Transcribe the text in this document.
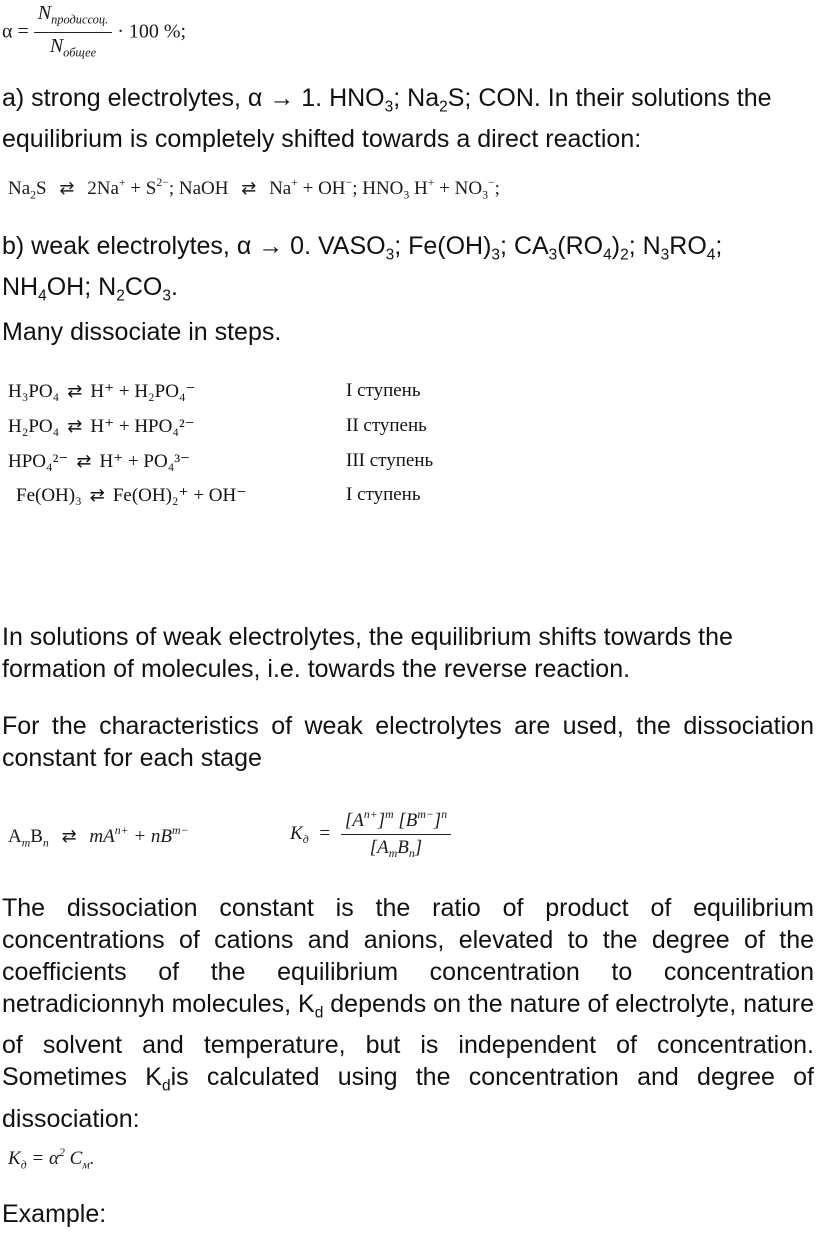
$\alpha = \frac{N_{продиссоц.}}{N_{общее}} \cdot 100$ %;

a) strong electrolytes, α → 1. $HNO_3$; $Na_2S$; CON. In their solutions the equilibrium is completely shifted towards a direct reaction:

$Na_2S$ ⇄ $2Na^+ + S^{2-}$; NaOH ⇄ Na+ + OH−; $HNO_3$ $H^+ + NO_3^-$;

b) weak electrolytes, α → 0. $VASO_3$; $Fe(OH)_3$; $CA_3(RO_4)_2$; $N_3RO_4$;
$NH_4OH$; $N_2CO_3$.

Many dissociate in steps.

H₃PO₄ ⇄ H⁺ + H₂PO₄⁻	I ступень
H₂PO₄ ⇄ H⁺ + HPO₄²⁻	II ступень
HPO₄²⁻ ⇄ H⁺ + PO₄³⁻	III ступень
Fe(OH)₃ ⇄ Fe(OH)₂⁺ + OH⁻	I ступень

In solutions of weak electrolytes, the equilibrium shifts towards the formation of molecules, i.e. towards the reverse reaction.

For the characteristics of weak electrolytes are used, the dissociation constant for each stage

$A_mB_n$ ⇄ $mA^{n+} + nB^{m-}$	$K_д = \frac{[A^{n+}]^m [B^{m-}]^n}{[A_mB_n]}$

The dissociation constant is the ratio of product of equilibrium concentrations of cations and anions, elevated to the degree of the coefficients of the equilibrium concentration to concentration netradicionnyh molecules, $K_d$ depends on the nature of electrolyte, nature of solvent and temperature, but is independent of concentration. Sometimes $K_dis$ calculated using the concentration and degree of dissociation:

$K_д = \alpha^2$ $C_м$.

Example:
